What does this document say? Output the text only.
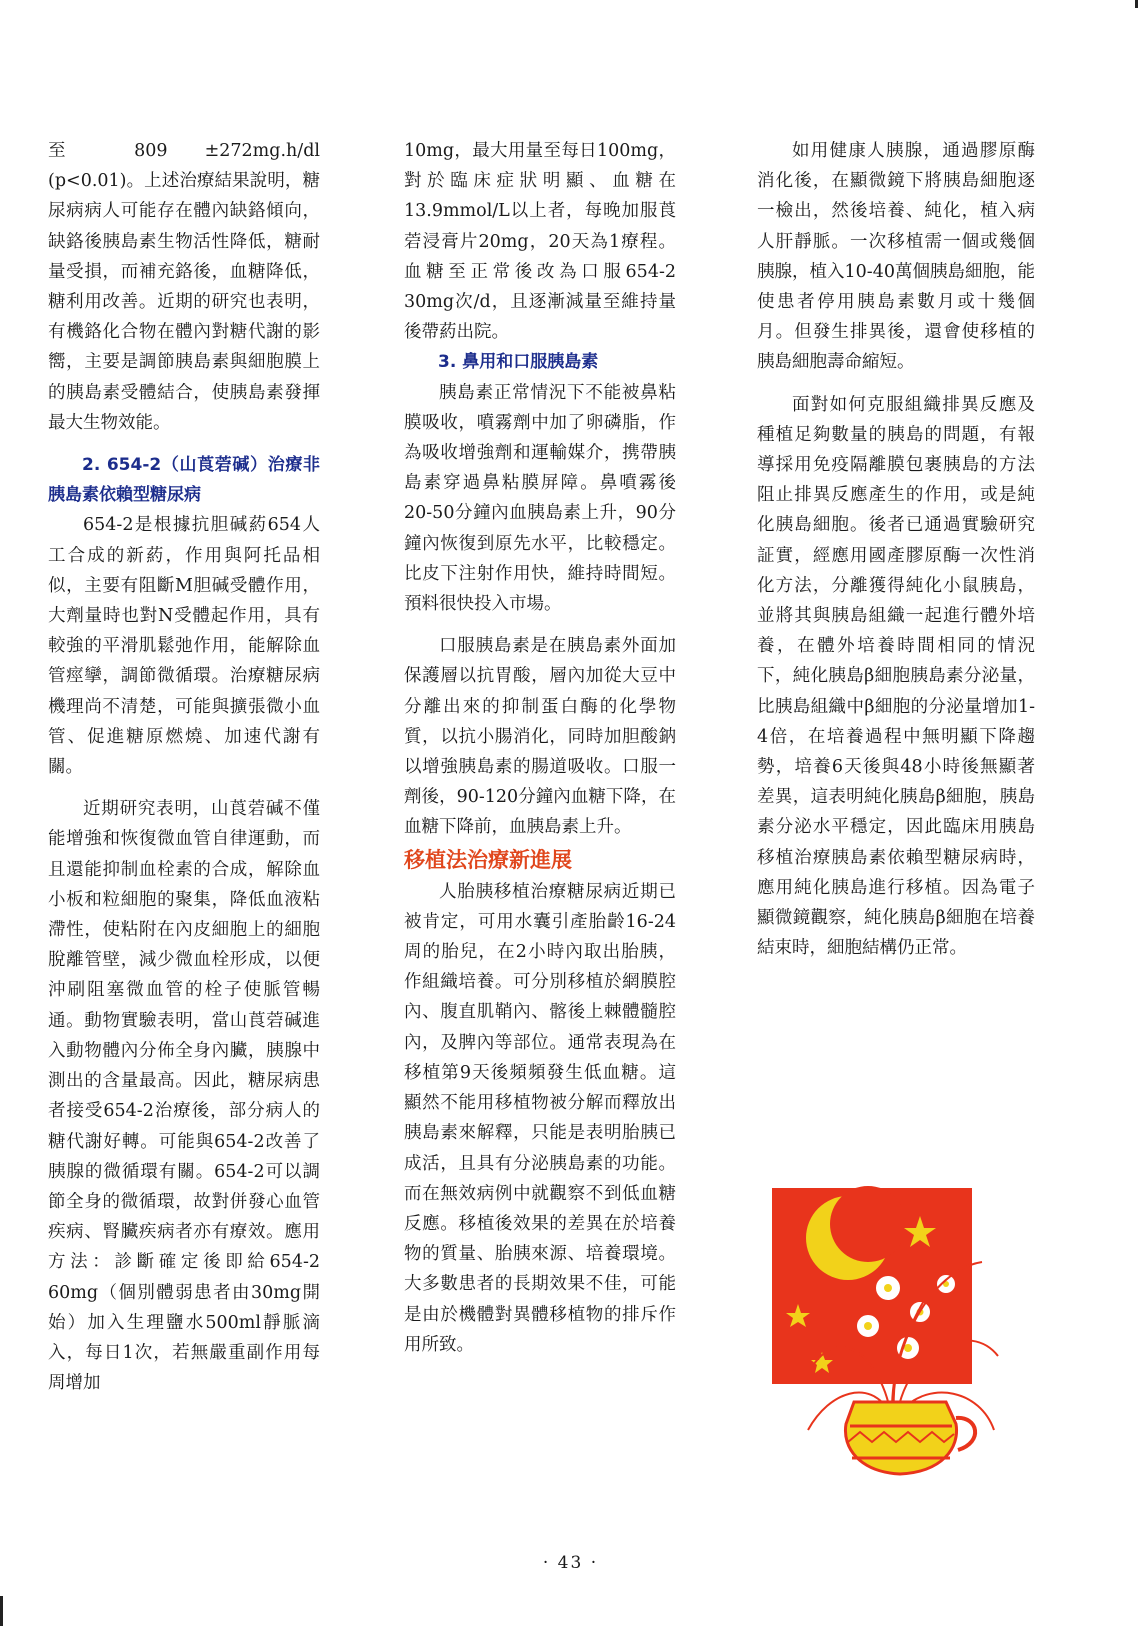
至 809 ±272mg.h/dl (p<0.01)。上述治療結果說明，糖尿病病人可能存在體內缺鉻傾向，缺鉻後胰島素生物活性降低，糖耐量受損，而補充鉻後，血糖降低，糖利用改善。近期的研究也表明，有機鉻化合物在體內對糖代謝的影嚮，主要是調節胰島素與細胞膜上的胰島素受體結合，使胰島素發揮最大生物效能。

2. 654-2（山莨菪碱）治療非胰島素依賴型糖尿病

654-2是根據抗胆碱葯654人工合成的新葯，作用與阿托品相似，主要有阻斷M胆碱受體作用，大劑量時也對N受體起作用，具有較強的平滑肌鬆弛作用，能解除血管痙攣，調節微循環。治療糖尿病機理尚不清楚，可能與擴張微小血管、促進糖原燃燒、加速代謝有關。

近期研究表明，山莨菪碱不僅能增強和恢復微血管自律運動，而且還能抑制血栓素的合成，解除血小板和粒細胞的聚集，降低血液粘滯性，使粘附在內皮細胞上的細胞脫離管壁，減少微血栓形成，以便沖刷阻塞微血管的栓子使脈管暢通。動物實驗表明，當山莨菪碱進入動物體內分佈全身內臟，胰腺中測出的含量最高。因此，糖尿病患者接受654-2治療後，部分病人的糖代謝好轉。可能與654-2改善了胰腺的微循環有關。654-2可以調節全身的微循環，故對併發心血管疾病、腎臟疾病者亦有療效。應用方法：診斷確定後即給654-2 60mg（個別體弱患者由30mg開始）加入生理鹽水500ml靜脈滴入，每日1次，若無嚴重副作用每周增加

10mg，最大用量至每日100mg，對於臨床症狀明顯、血糖在13.9mmol/L以上者，每晚加服莨菪浸膏片20mg，20天為1療程。血糖至正常後改為口服654-2 30mg次/d，且逐漸減量至維持量後帶葯出院。

3. 鼻用和口服胰島素

胰島素正常情況下不能被鼻粘膜吸收，噴霧劑中加了卵磷脂，作為吸收增強劑和運輸媒介，携帶胰島素穿過鼻粘膜屏障。鼻噴霧後20-50分鐘內血胰島素上升，90分鐘內恢復到原先水平，比較穩定。比皮下注射作用快，維持時間短。預料很快投入市場。

口服胰島素是在胰島素外面加保護層以抗胃酸，層內加從大豆中分離出來的抑制蛋白酶的化學物質，以抗小腸消化，同時加胆酸鈉以增強胰島素的腸道吸收。口服一劑後，90-120分鐘內血糖下降，在血糖下降前，血胰島素上升。

移植法治療新進展

人胎胰移植治療糖尿病近期已被肯定，可用水囊引產胎齡16-24周的胎兒，在2小時內取出胎胰，作組織培養。可分別移植於網膜腔內、腹直肌鞘內、髂後上棘體髓腔內，及脾內等部位。通常表現為在移植第9天後頻頻發生低血糖。這顯然不能用移植物被分解而釋放出胰島素來解釋，只能是表明胎胰已成活，且具有分泌胰島素的功能。而在無效病例中就觀察不到低血糖反應。移植後效果的差異在於培養物的質量、胎胰來源、培養環境。大多數患者的長期效果不佳，可能是由於機體對異體移植物的排斥作用所致。

如用健康人胰腺，通過膠原酶消化後，在顯微鏡下將胰島細胞逐一檢出，然後培養、純化，植入病人肝靜脈。一次移植需一個或幾個胰腺，植入10-40萬個胰島細胞，能使患者停用胰島素數月或十幾個月。但發生排異後，還會使移植的胰島細胞壽命縮短。

面對如何克服組織排異反應及種植足夠數量的胰島的問題，有報導採用免疫隔離膜包裹胰島的方法阻止排異反應產生的作用，或是純化胰島細胞。後者已通過實驗研究証實，經應用國產膠原酶一次性消化方法，分離獲得純化小鼠胰島，並將其與胰島組織一起進行體外培養，在體外培養時間相同的情況下，純化胰島β細胞胰島素分泌量，比胰島組織中β細胞的分泌量增加1-4倍，在培養過程中無明顯下降趨勢，培養6天後與48小時後無顯著差異，這表明純化胰島β細胞，胰島素分泌水平穩定，因此臨床用胰島移植治療胰島素依賴型糖尿病時，應用純化胰島進行移植。因為電子顯微鏡觀察，純化胰島β細胞在培養結束時，細胞結構仍正常。

· 43 ·
